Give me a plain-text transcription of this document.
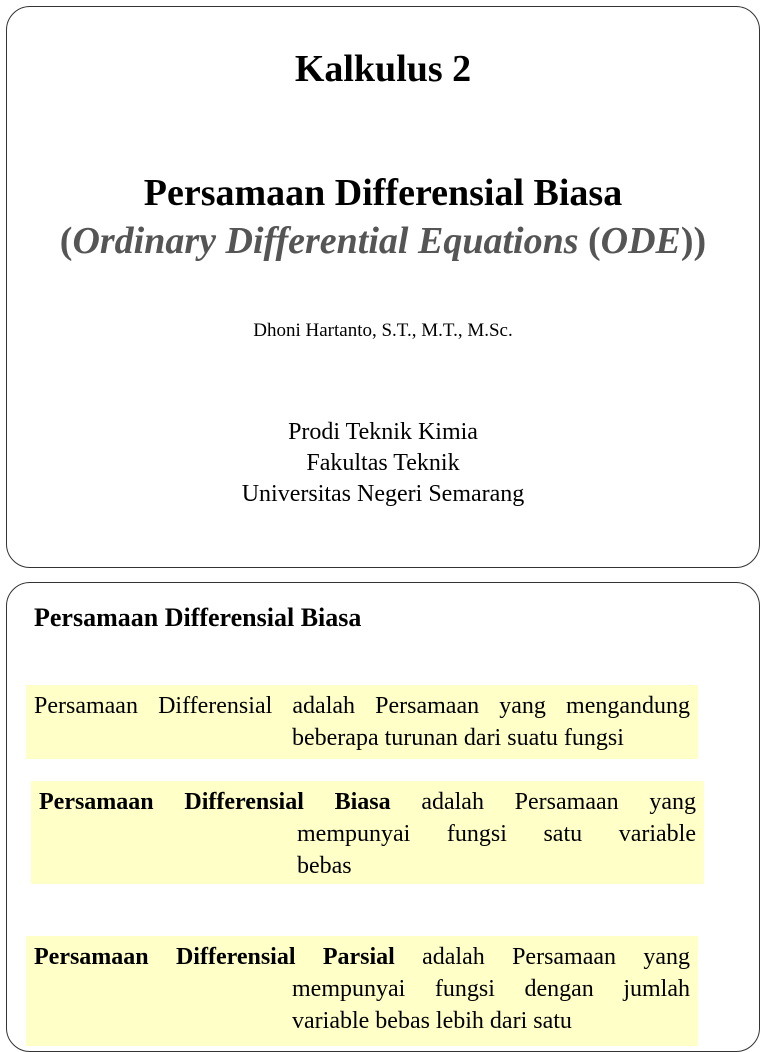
Kalkulus 2
Persamaan Differensial Biasa
(Ordinary Differential Equations (ODE))
Dhoni Hartanto, S.T., M.T., M.Sc.
Prodi Teknik Kimia
Fakultas Teknik
Universitas Negeri Semarang
Persamaan Differensial Biasa
Persamaan Differensial adalah Persamaan yang mengandung
beberapa turunan dari suatu fungsi
Persamaan Differensial Biasa adalah Persamaan yang
mempunyai fungsi satu variable
bebas
Persamaan Differensial Parsial adalah Persamaan yang
mempunyai fungsi dengan jumlah
variable bebas lebih dari satu
